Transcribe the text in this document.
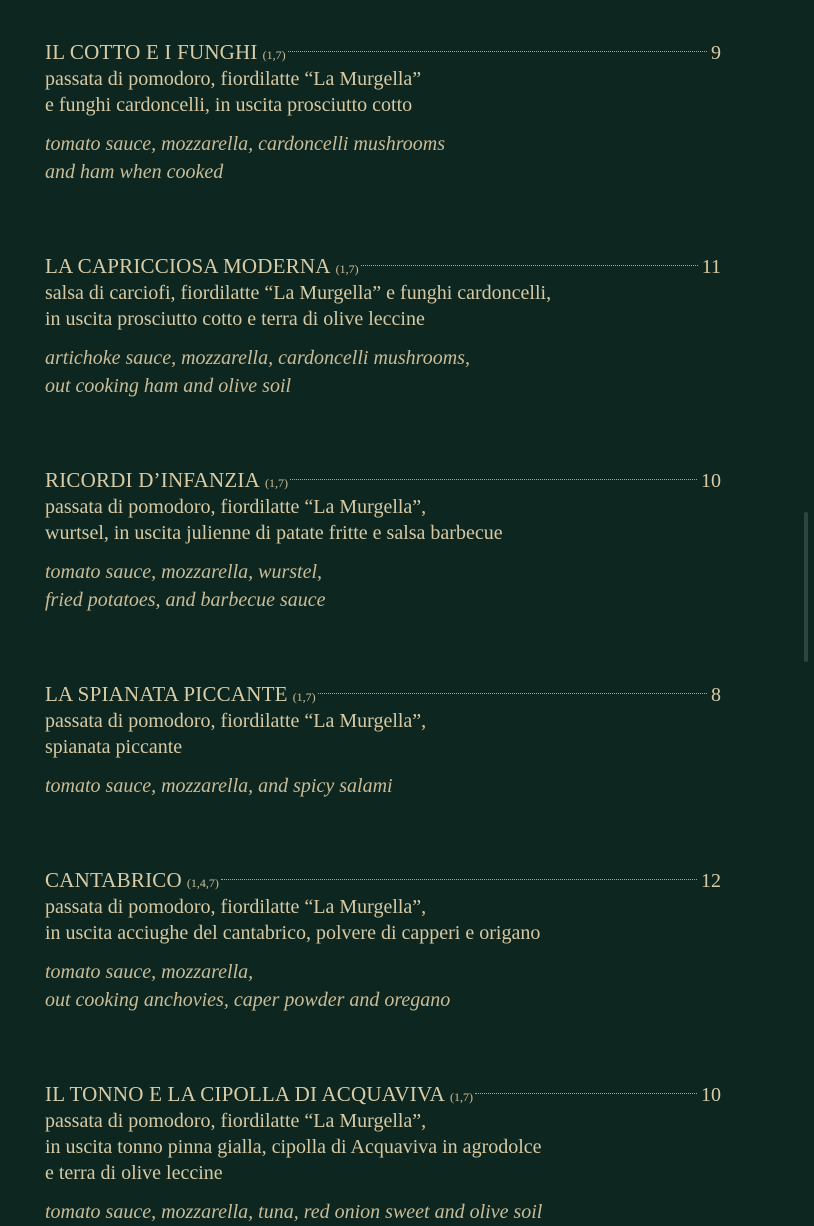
IL COTTO E I FUNGHI (1,7)	9
passata di pomodoro, fiordilatte “La Murgella”
e funghi cardoncelli, in uscita prosciutto cotto
tomato sauce, mozzarella, cardoncelli mushrooms
and ham when cooked
LA CAPRICCIOSA MODERNA (1,7)	11
salsa di carciofi, fiordilatte “La Murgella” e funghi cardoncelli,
in uscita prosciutto cotto e terra di olive leccine
artichoke sauce, mozzarella, cardoncelli mushrooms,
out cooking ham and olive soil
RICORDI D’INFANZIA (1,7)	10
passata di pomodoro, fiordilatte “La Murgella”,
wurtsel, in uscita julienne di patate fritte e salsa barbecue
tomato sauce, mozzarella, wurstel,
fried potatoes, and barbecue sauce
LA SPIANATA PICCANTE (1,7)	8
passata di pomodoro, fiordilatte “La Murgella”,
spianata piccante
tomato sauce, mozzarella, and spicy salami
CANTABRICO (1,4,7)	12
passata di pomodoro, fiordilatte “La Murgella”,
in uscita acciughe del cantabrico, polvere di capperi e origano
tomato sauce, mozzarella,
out cooking anchovies, caper powder and oregano
IL TONNO E LA CIPOLLA DI ACQUAVIVA (1,7)	10
passata di pomodoro, fiordilatte “La Murgella”,
in uscita tonno pinna gialla, cipolla di Acquaviva in agrodolce
e terra di olive leccine
tomato sauce, mozzarella, tuna, red onion sweet and olive soil
